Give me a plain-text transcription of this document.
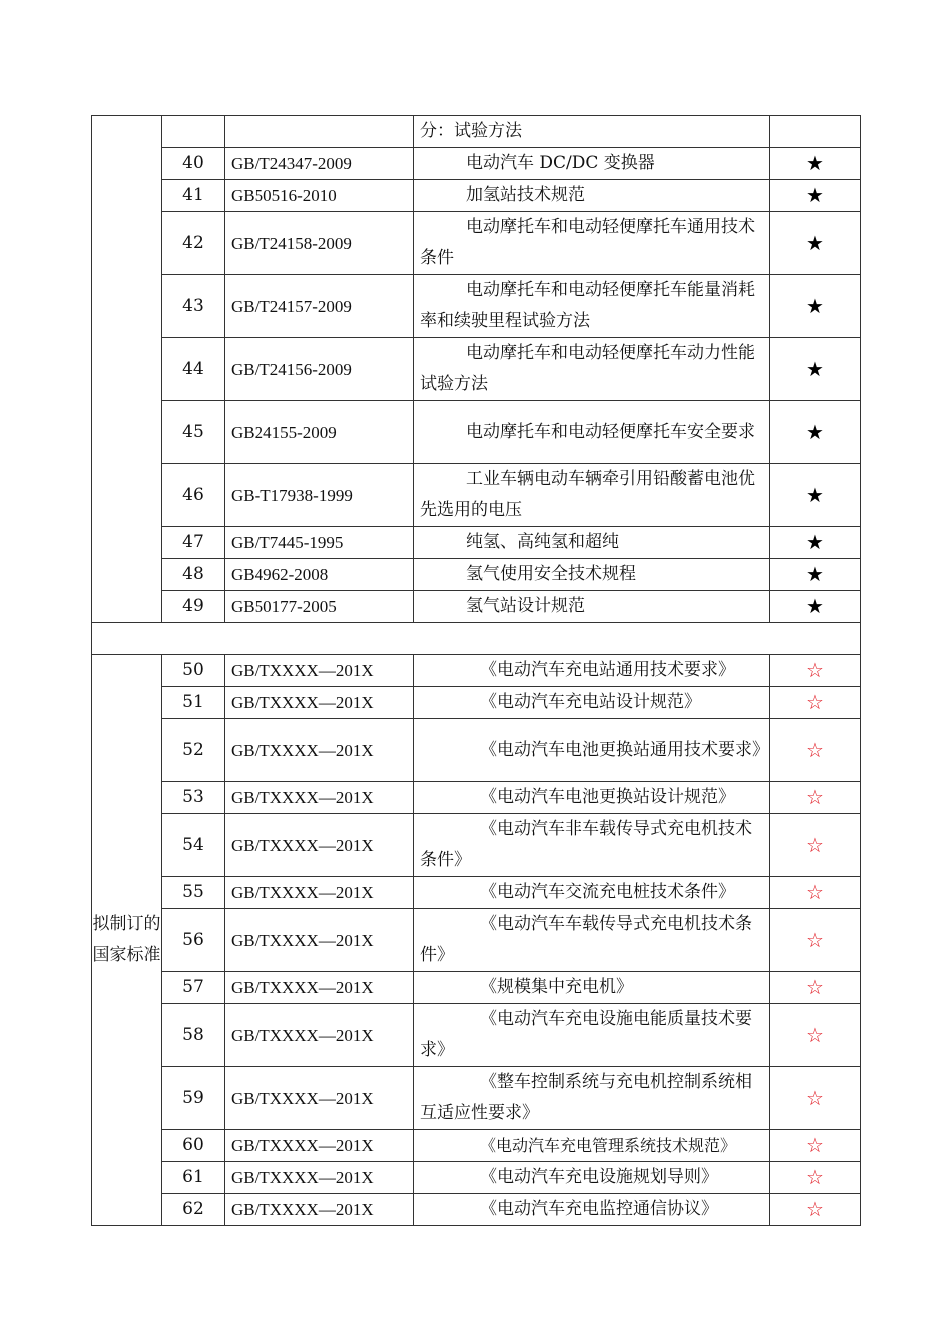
			分：试验方法	
	40	GB/T24347-2009	电动汽车 DC/DC 变换器	★
	41	GB50516-2010	加氢站技术规范	★
	42	GB/T24158-2009	电动摩托车和电动轻便摩托车通用技术条件	★
	43	GB/T24157-2009	电动摩托车和电动轻便摩托车能量消耗率和续驶里程试验方法	★
	44	GB/T24156-2009	电动摩托车和电动轻便摩托车动力性能试验方法	★
	45	GB24155-2009	电动摩托车和电动轻便摩托车安全要求	★
	46	GB-T17938-1999	工业车辆电动车辆牵引用铅酸蓄电池优先选用的电压	★
	47	GB/T7445-1995	纯氢、高纯氢和超纯	★
	48	GB4962-2008	氢气使用安全技术规程	★
	49	GB50177-2005	氢气站设计规范	★

拟制订的国家标准	50	GB/TXXXX—201X	《电动汽车充电站通用技术要求》	☆
	51	GB/TXXXX—201X	《电动汽车充电站设计规范》	☆
	52	GB/TXXXX—201X	《电动汽车电池更换站通用技术要求》	☆
	53	GB/TXXXX—201X	《电动汽车电池更换站设计规范》	☆
	54	GB/TXXXX—201X	《电动汽车非车载传导式充电机技术条件》	☆
	55	GB/TXXXX—201X	《电动汽车交流充电桩技术条件》	☆
	56	GB/TXXXX—201X	《电动汽车车载传导式充电机技术条件》	☆
	57	GB/TXXXX—201X	《规模集中充电机》	☆
	58	GB/TXXXX—201X	《电动汽车充电设施电能质量技术要求》	☆
	59	GB/TXXXX—201X	《整车控制系统与充电机控制系统相互适应性要求》	☆
	60	GB/TXXXX—201X	《电动汽车充电管理系统技术规范》	☆
	61	GB/TXXXX—201X	《电动汽车充电设施规划导则》	☆
	62	GB/TXXXX—201X	《电动汽车充电监控通信协议》	☆
